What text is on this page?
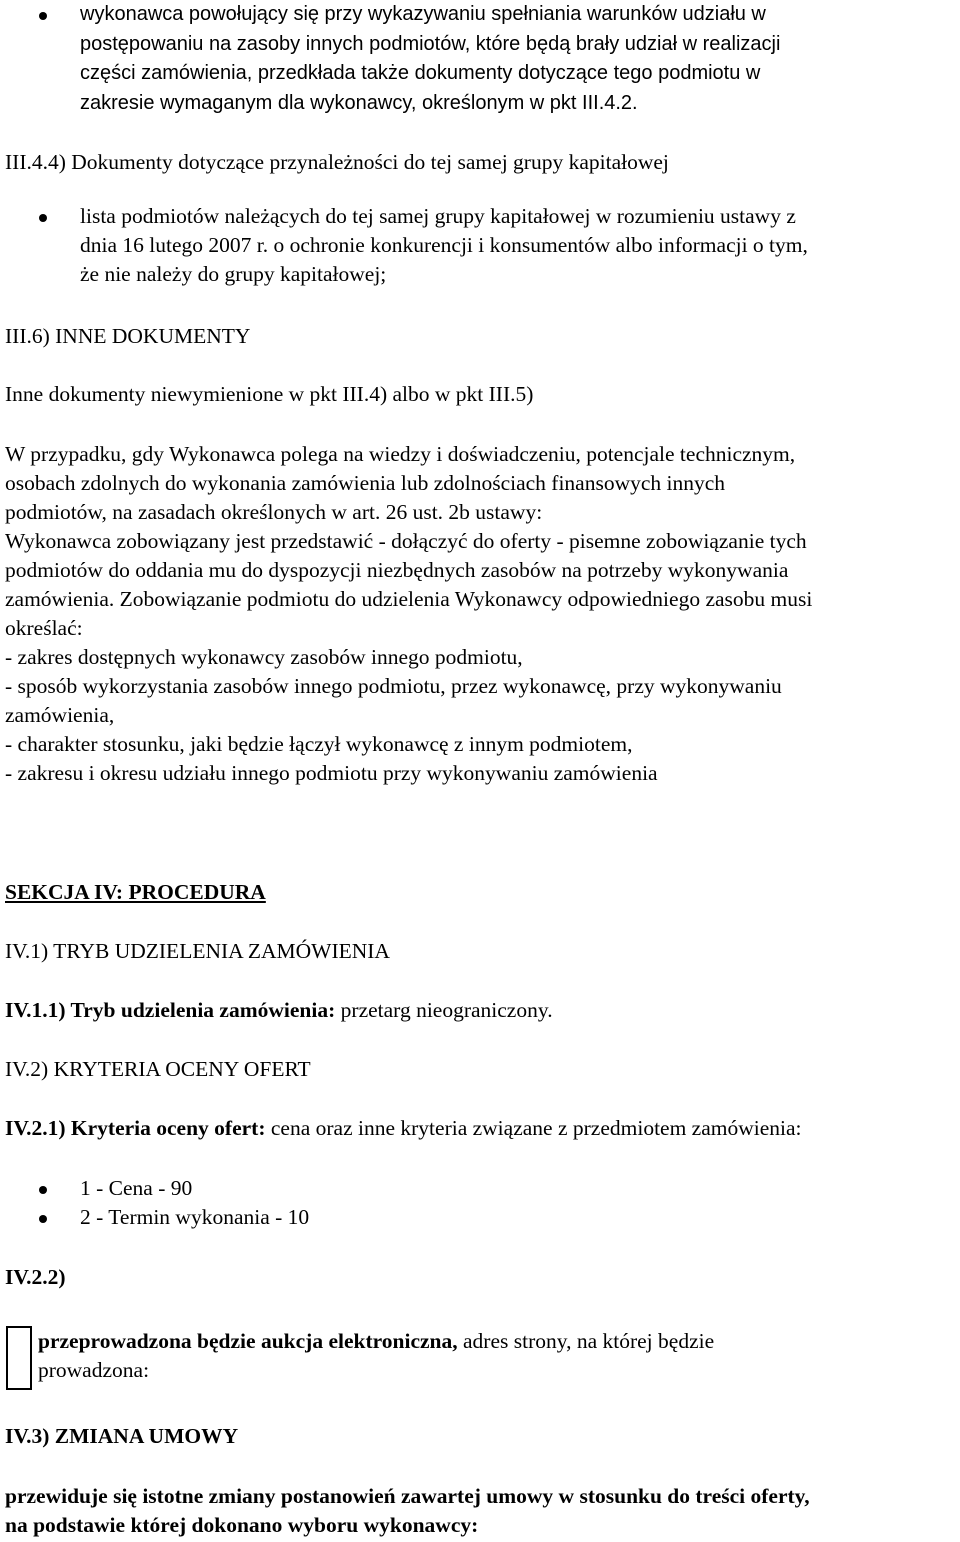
wykonawca powołujący się przy wykazywaniu spełniania warunków udziału w
postępowaniu na zasoby innych podmiotów, które będą brały udział w realizacji
części zamówienia, przedkłada także dokumenty dotyczące tego podmiotu w
zakresie wymaganym dla wykonawcy, określonym w pkt III.4.2.

III.4.4) Dokumenty dotyczące przynależności do tej samej grupy kapitałowej

lista podmiotów należących do tej samej grupy kapitałowej w rozumieniu ustawy z
dnia 16 lutego 2007 r. o ochronie konkurencji i konsumentów albo informacji o tym,
że nie należy do grupy kapitałowej;

III.6) INNE DOKUMENTY

Inne dokumenty niewymienione w pkt III.4) albo w pkt III.5)

W przypadku, gdy Wykonawca polega na wiedzy i doświadczeniu, potencjale technicznym,
osobach zdolnych do wykonania zamówienia lub zdolnościach finansowych innych
podmiotów, na zasadach określonych w art. 26 ust. 2b ustawy:
Wykonawca zobowiązany jest przedstawić - dołączyć do oferty - pisemne zobowiązanie tych
podmiotów do oddania mu do dyspozycji niezbędnych zasobów na potrzeby wykonywania
zamówienia. Zobowiązanie podmiotu do udzielenia Wykonawcy odpowiedniego zasobu musi
określać:
- zakres dostępnych wykonawcy zasobów innego podmiotu,
- sposób wykorzystania zasobów innego podmiotu, przez wykonawcę, przy wykonywaniu
zamówienia,
- charakter stosunku, jaki będzie łączył wykonawcę z innym podmiotem,
- zakresu i okresu udziału innego podmiotu przy wykonywaniu zamówienia

SEKCJA IV: PROCEDURA

IV.1) TRYB UDZIELENIA ZAMÓWIENIA

IV.1.1) Tryb udzielenia zamówienia: przetarg nieograniczony.

IV.2) KRYTERIA OCENY OFERT

IV.2.1) Kryteria oceny ofert: cena oraz inne kryteria związane z przedmiotem zamówienia:

1 - Cena - 90

2 - Termin wykonania - 10

IV.2.2)

przeprowadzona będzie aukcja elektroniczna, adres strony, na której będzie
prowadzona:

IV.3) ZMIANA UMOWY

przewiduje się istotne zmiany postanowień zawartej umowy w stosunku do treści oferty,
na podstawie której dokonano wyboru wykonawcy:
